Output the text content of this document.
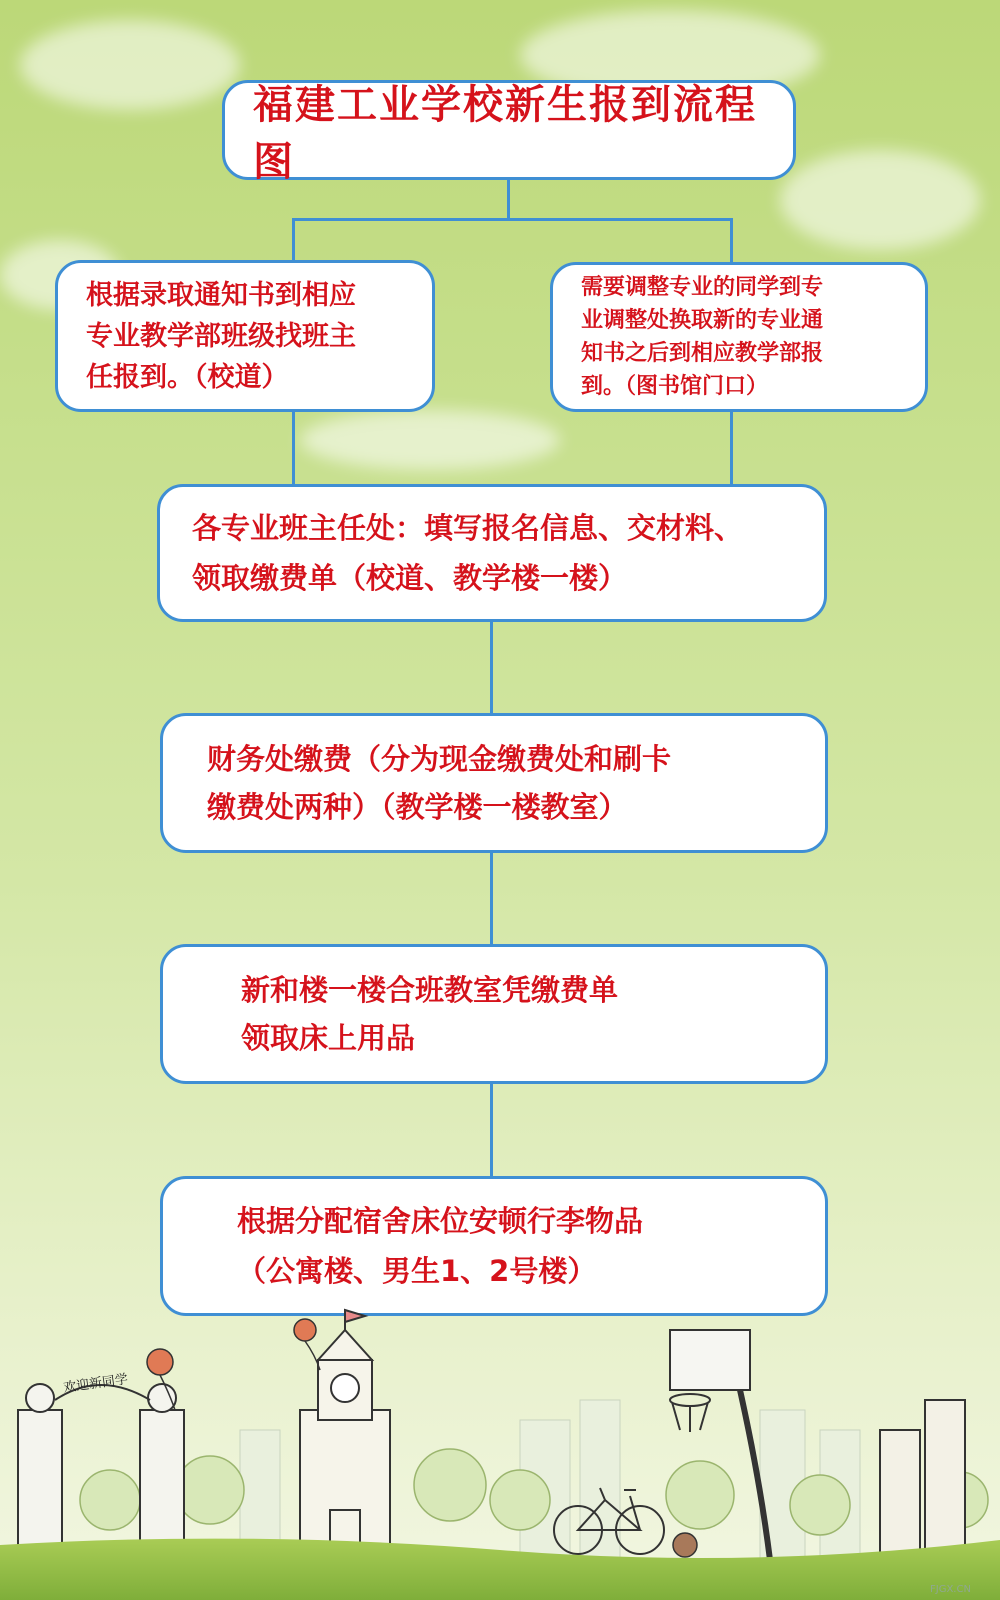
福建工业学校新生报到流程图
根据录取通知书到相应
专业教学部班级找班主
任报到。（校道）
需要调整专业的同学到专
业调整处换取新的专业通
知书之后到相应教学部报
到。（图书馆门口）
各专业班主任处：填写报名信息、交材料、
领取缴费单（校道、教学楼一楼）
财务处缴费（分为现金缴费处和刷卡
缴费处两种）（教学楼一楼教室）
新和楼一楼合班教室凭缴费单
领取床上用品
根据分配宿舍床位安顿行李物品
（公寓楼、男生1、2号楼）
欢迎新同学
FJGX.CN
